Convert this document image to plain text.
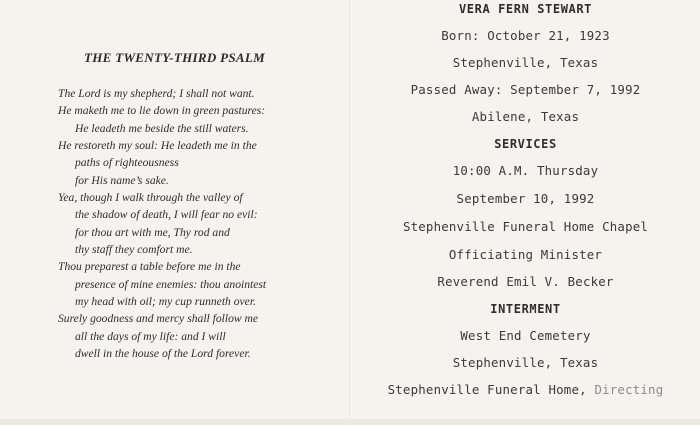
THE TWENTY-THIRD PSALM
The Lord is my shepherd; I shall not want.
He maketh me to lie down in green pastures:
He leadeth me beside the still waters.
He restoreth my soul: He leadeth me in the
paths of righteousness
for His name’s sake.
Yea, though I walk through the valley of
the shadow of death, I will fear no evil:
for thou art with me, Thy rod and
thy staff they comfort me.
Thou preparest a table before me in the
presence of mine enemies: thou anointest
my head with oil; my cup runneth over.
Surely goodness and mercy shall follow me
all the days of my life: and I will
dwell in the house of the Lord forever.
VERA FERN STEWART
Born: October 21, 1923
Stephenville, Texas
Passed Away: September 7, 1992
Abilene, Texas
SERVICES
10:00 A.M. Thursday
September 10, 1992
Stephenville Funeral Home Chapel
Officiating Minister
Reverend Emil V. Becker
INTERMENT
West End Cemetery
Stephenville, Texas
Stephenville Funeral Home, Directing
